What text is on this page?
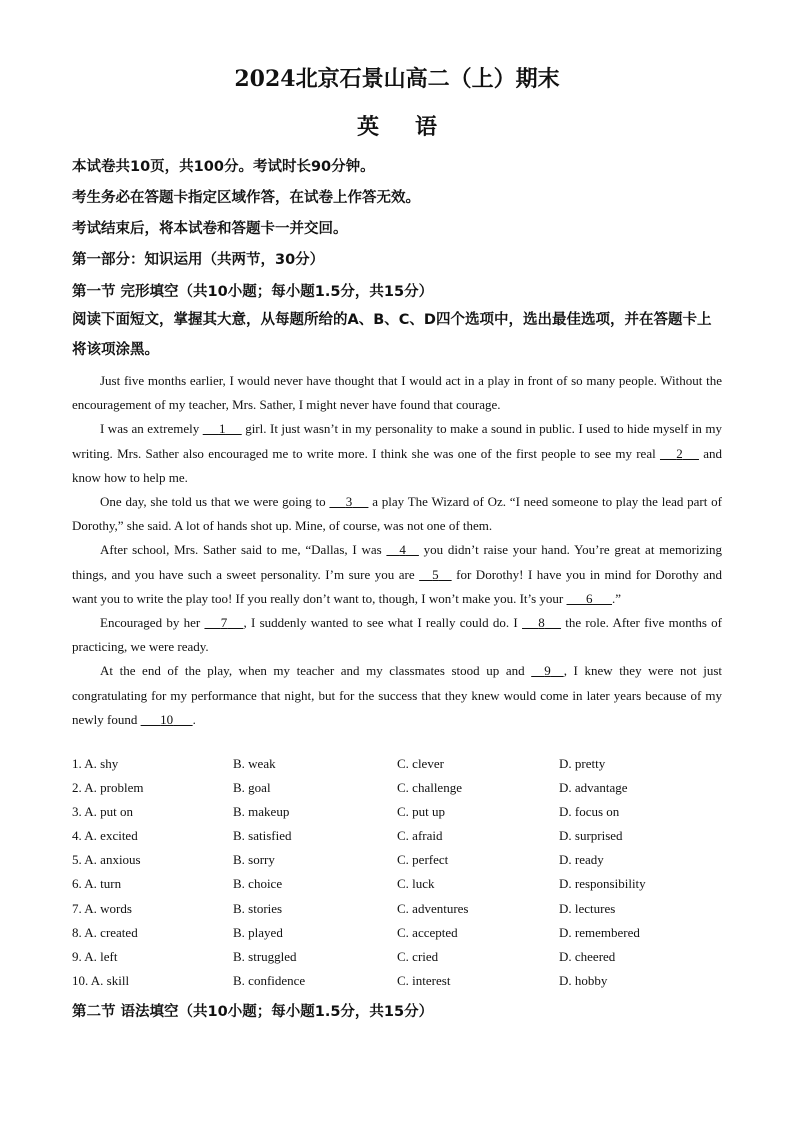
2024北京石景山高二（上）期末
英语
本试卷共10页，共100分。考试时长90分钟。
考生务必在答题卡指定区域作答，在试卷上作答无效。
考试结束后，将本试卷和答题卡一并交回。
第一部分：知识运用（共两节，30分）
第一节 完形填空（共10小题；每小题1.5分，共15分）
阅读下面短文，掌握其大意，从每题所给的A、B、C、D四个选项中，选出最佳选项，并在答题卡上将该项涂黑。

Just five months earlier, I would never have thought that I would act in a play in front of so many people. Without the encouragement of my teacher, Mrs. Sather, I might never have found that courage.

I was an extremely      1      girl. It just wasn’t in my personality to make a sound in public. I used to hide myself in my writing. Mrs. Sather also encouraged me to write more. I think she was one of the first people to see my real      2      and know how to help me.

One day, she told us that we were going to      3      a play The Wizard of Oz. “I need someone to play the lead part of Dorothy,” she said. A lot of hands shot up. Mine, of course, was not one of them.

After school, Mrs. Sather said to me, “Dallas, I was     4     you didn’t raise your hand. You’re great at memorizing things, and you have such a sweet personality. I’m sure you are     5     for Dorothy! I have you in mind for Dorothy and want you to write the play too! If you really don’t want to, though, I won’t make you. It’s your       6 .”

Encouraged by her      7 , I suddenly wanted to see what I really could do. I      8      the role. After five months of practicing, we were ready.

At the end of the play, when my teacher and my classmates stood up and     9 , I knew they were not just congratulating for my performance that night, but for the success that they knew would come in later years because of my newly found       10 .

1. A. shy	B. weak	C. clever	D. pretty
2. A. problem	B. goal	C. challenge	D. advantage
3. A. put on	B. makeup	C. put up	D. focus on
4. A. excited	B. satisfied	C. afraid	D. surprised
5. A. anxious	B. sorry	C. perfect	D. ready
6. A. turn	B. choice	C. luck	D. responsibility
7. A. words	B. stories	C. adventures	D. lectures
8. A. created	B. played	C. accepted	D. remembered
9. A. left	B. struggled	C. cried	D. cheered
10. A. skill	B. confidence	C. interest	D. hobby
第二节 语法填空（共10小题；每小题1.5分，共15分）
